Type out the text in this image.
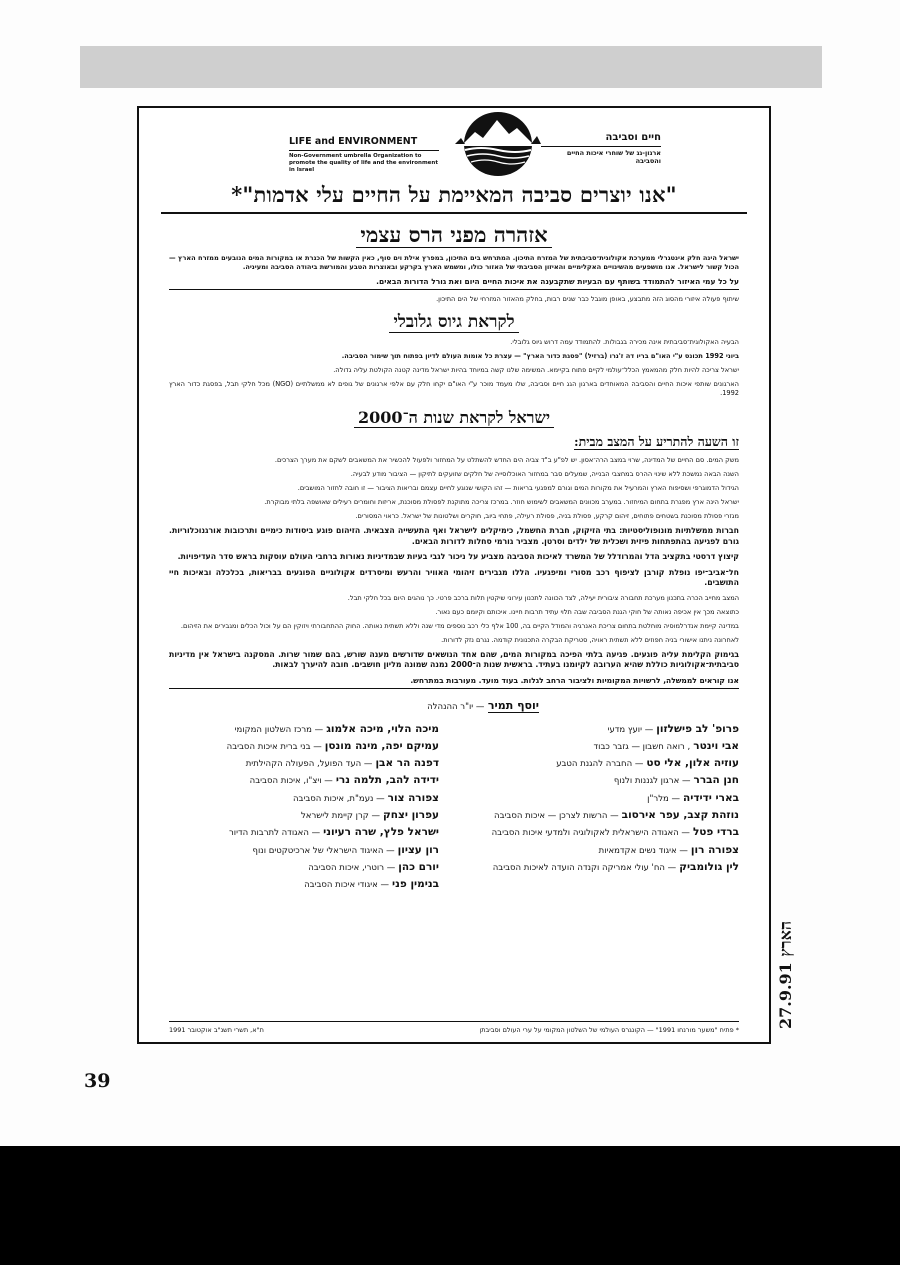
LIFE and ENVIRONMENT
Non-Government umbrella Organization to promote the quality of life and the environment in Israel
חיים וסביבה
ארגון-גג של שוחרי איכות החיים והסביבה
"אנו יוצרים סביבה המאיימת על החיים עלי אדמות"*
אזהרה מפני הרס עצמי

ישראל הינה חלק אינטגרלי ממערכת אקולוגית־סביבתית של המזרח התיכון. המתרחש בים התיכון, במפרץ אילת וים סוף, כאין הקשות של הכנרת או במקורות המים הנובעים ממזרח הארץ — הכול קשור לישראל. אנו מושפעים מהשינויים האקלימיים והאיזון הסביבתי של האזור כולו, ומשמש הארץ בקרקע ובאוצרות הטבע והמורשת ביהודה הסביבה ומעיניה.

על כל עמי האיזור להתמודד בשותף עם הבעיות שתקבענה את איכות החיים היום ואת גורל הדורות הבאים.

שיתוף פעולה איזורי מהסוג הזה מתבצע, באופן מוגבל כבר שנים רבות, בחלק מהאזור המזרחי של הים התיכון.

לקראת גיוס גלובלי

הבעיה האקולוגית־סביבתית אינה מכירה בגבולות. להתמודד עמה דרוש גיוס גלובלי.

ביוני 1992 תכונס ע"י האו"ם בריו דה ז'נרו (ברזיל) "פסגת כדור הארץ" — עצרת כל אומות העולם לדיון בפתוח תוך שימור הסביבה.

ישראל צריכה להיות חלק מהמאמץ הכלל־עולמי לקיים פתוח בקיימא. המשימה שלנו קשה במיוחד בהיות ישראל מדינה קטנה הקולטת עליה גדולה.

הארגונים שותפי איכות החיים והסביבה המאוחדים בארגון הגג חיים וסביבה, שלו מעמד מוכר ע"י האו"ם יקחו חלק עם אלפי ארגונים של גופים לא ממשלתיים (NGO) מכל חלקי תבל, בפסגת כדור הארץ 1992.

ישראל לקראת שנות ה־2000
זו השעה להתריע על המצב מבית:

משק המים. סם החיים של המדינה, שרוי במצב הרה־אסון. יש לפ"ע ב"ד צביה הים החדש להשתלט על המחזור ולפעול להכשיר את המשאבים לשקם את מערך הצרכים.

השנה הבאה נמשכת ללא שינוי ההרס במחצבי הבנייה, שמעלים סבר במחזור האוכלוסייה של חלקים שזועקים לתיקון — הציבור מודע לבעיה.

הגידול הדמוגרפי ושסיפוח הארץ והמרעיל את מקורות המים וגורם למפגעי בריאות — זהו הקושי שנוגע לחיים עצמם ובריאות הציבור — זו חובה לחזור המושבים.

ישראל הינה ארץ מפגרת בתחום המיחזור. במערב מכוונים המשאבים לשימוש חוזר. במרכז צריכה מתוקנת לפסולת מסוכנת, אריזות וחומרים רעילים שאושפה בלתי מבוקרת.

מגזרי פסולת מסוכנת בשטחים פתוחים, זיהום קרקע, פסולת בניה, פסולת רעילה, פתחי ביוב, חוקרים ושלטונות של ישראל. כראוי המסורים.

חברות ממשלתיות מונופוליסטיות: בתי הזיקוק, חברת החשמל, כימיקלים לישראל ואף התעשייה הצבאית. הזיהום פוגע ביסודות כימיים ותרכובות אורגנוכלוריות. גורם לפגיעה בהתפתחות פיזית ושכלית של ילדים וסרטן. מצביר גורמי סחלות לדורות הבאים.

קיצוץ דרסטי בתקציב הדל והמרודלל של המשרד לאיכות הסביבה מצביע על ניכור לגבי בעיות שבמדיניות נאורות ברחבי העולם עוסקות בראש סדר העדיפויות.

חל־אביב־יפו נופלת קורבן לציפוף רכב מסורי ומיפגעיו. הללו מגבירים זיהומי האוויר והרעש ומיסרדים אקולוגיים הפוגעים בבריאות, בכלכלה ובאיכות חיי התושבים.

המצב מחייב הכרה בתכנון מערכת תחבורה ציבורית יעילה, לצד הכוונה לתכנון עירוני שיקטין תלות ברכב פרטי. כך נוהגים היום בכל חלקי תבל.

כתוצאה מכך אין אכיפה נאותה של חוקי הגנת הסביבה שבה תלוי עתיד תרבות חיינו. איכותם וקיומם כעם נאור.

במדינה קיימת אנדרלמוסיה מוחלטת בתחום צריכת האנרגיה והמודל הקיים בה, 100 אלף כלי רכב נוספים מדי שנה וללא תשתית נאותה. החוק ההתחבורתי ויזוקין הם על וכול הכלים ומגבירים את הזיהום.

לאחרונה ניתנו אישורי בניה חפוזים ללא תשתית ראויה, סטריקת הבקרה התכנונית קודמה. נגרם נזק לדורות.

בגימוק הקלימת עליה פוגעים. פגיעה בלתי הפיכה במקורות המים, שהם אחד הנושאים שדורשים מענה שורש, בהם שמור שרות. המסקנה בישראל אין מדיניות סביבתית־אקולוגיות כוללת שהיא הערובה לקיומנו בעתיד. בראשית שנות ה־2000 נמנה שמונה מליון חושבים. חובה להיערך לבאות.

אנו קוראים לממשלה, לרשויות המקומיות ולציבור הרחב לגלות. בעוד מועד. מעורבות במתרחש.

יוסף תמיר — יו"ר ההנהלה
פרופ' לב פישלזון — יועץ מדעי
אבי וינטר , רואה חשבון — גזבר כבוד
עוזיה אלון, אלי סט — החברה להגנת הטבע
חנן הברר — ארגון לגננות ולנוף
בארי ידידיה — מלר"ן
נוזהת קצב, עפר אירסוב — הרשות לצרכן — איכות הסביבה
ברדי פטל — האגודה הישראלית לאקולוגיה ולמדעי איכות הסביבה
צפורה רון — איגוד נשים אקדמאיות
לין גולומביק — הח' עולי אמריקה וקנדה הועדה לאיכות הסביבה
מיכה הלוי, מיכה אלמוג — מרכז השלטון המקומי
עמיקם יפה, מינה מונסן — בני ברית איכות הסביבה
דפנה הר אבן — העד הפועל, הפעולה הקהילתית
ידידה להב, תלמה נרי — ויצ"ו, איכות הסביבה
צפורה צור — נעמ"ת, איכות הסביבה
עפרון יצחק — קרן קיימת לישראל
ישראל פלץ, שרה רעיוני — האגודה לתרבות הדיור
רון עציון — האיגוד הישראלי של ארכיטקטים ונוף
יורם כהן — רוטרי, איכות הסביבה
בנימין פני — איגודי איכות הסביבה
* פתיח "משער מורנחו 1991" — הקונגרס העולמי של השלטון המקומי על ערי העולם וסביבתן
ת"א, תשרי תשנ"ב אוקטובר 1991
הארץ 27.9.91
39
